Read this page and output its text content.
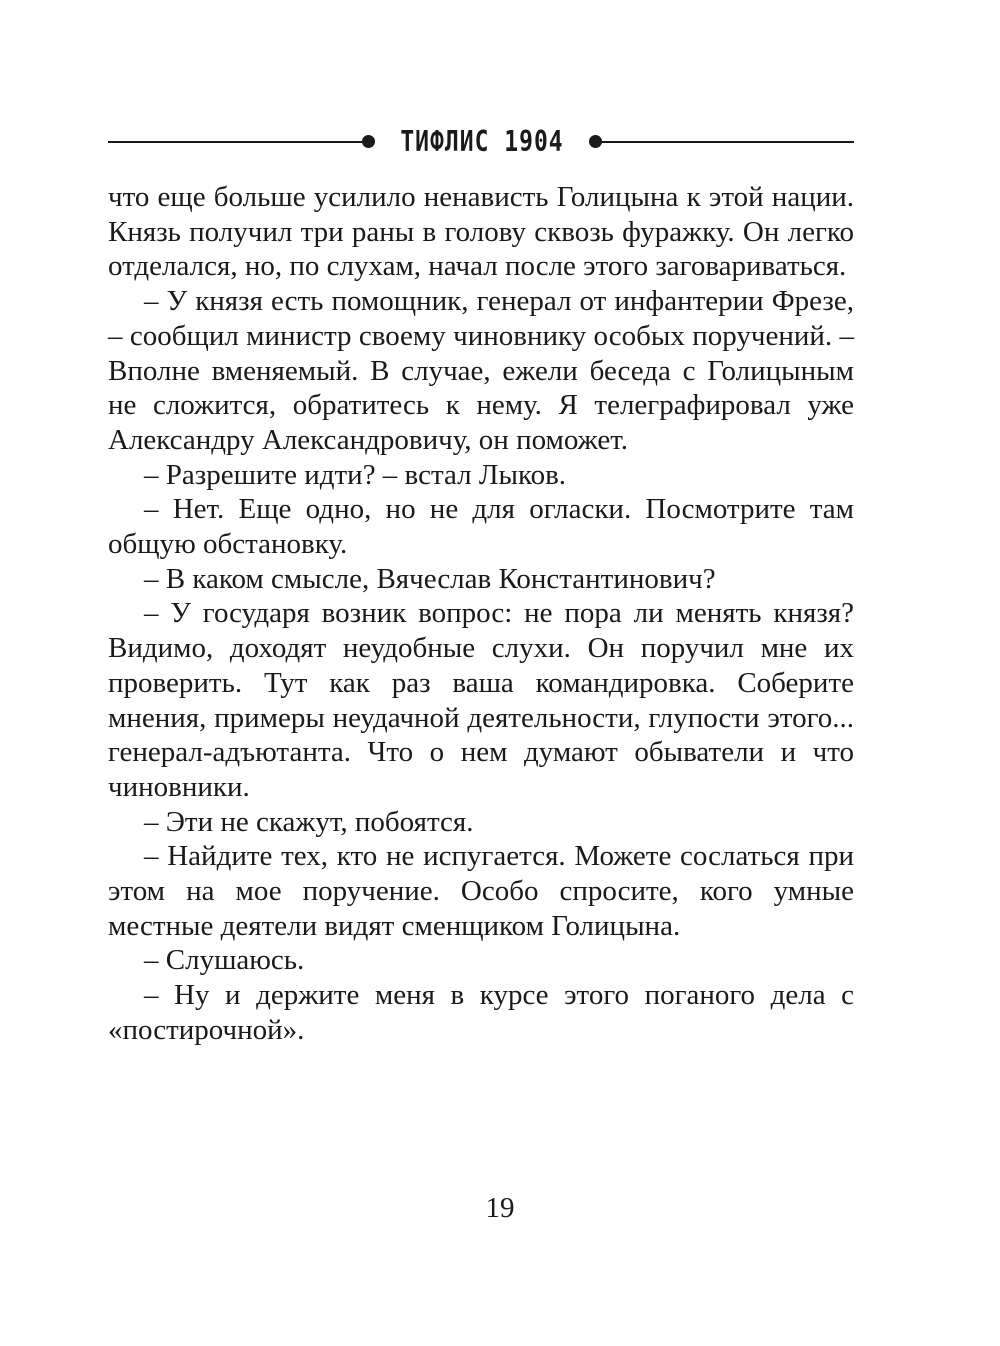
ТИФЛИС 1904

что еще больше усилило ненависть Голицына к этой нации. Князь получил три раны в голову сквозь фуражку. Он легко отделался, но, по слухам, начал после этого заговариваться.

– У князя есть помощник, генерал от инфантерии Фрезе, – сообщил министр своему чиновнику особых поручений. – Вполне вменяемый. В случае, ежели беседа с Голицыным не сложится, обратитесь к нему. Я телеграфировал уже Александру Александровичу, он поможет.

– Разрешите идти? – встал Лыков.

– Нет. Еще одно, но не для огласки. Посмотрите там общую обстановку.

– В каком смысле, Вячеслав Константинович?

– У государя возник вопрос: не пора ли менять князя? Видимо, доходят неудобные слухи. Он поручил мне их проверить. Тут как раз ваша командировка. Соберите мнения, примеры неудачной деятельности, глупости этого... генерал-адъютанта. Что о нем думают обыватели и что чиновники.

– Эти не скажут, побоятся.

– Найдите тех, кто не испугается. Можете сослаться при этом на мое поручение. Особо спросите, кого умные местные деятели видят сменщиком Голицына.

– Слушаюсь.

– Ну и держите меня в курсе этого поганого дела с «постирочной».

19
